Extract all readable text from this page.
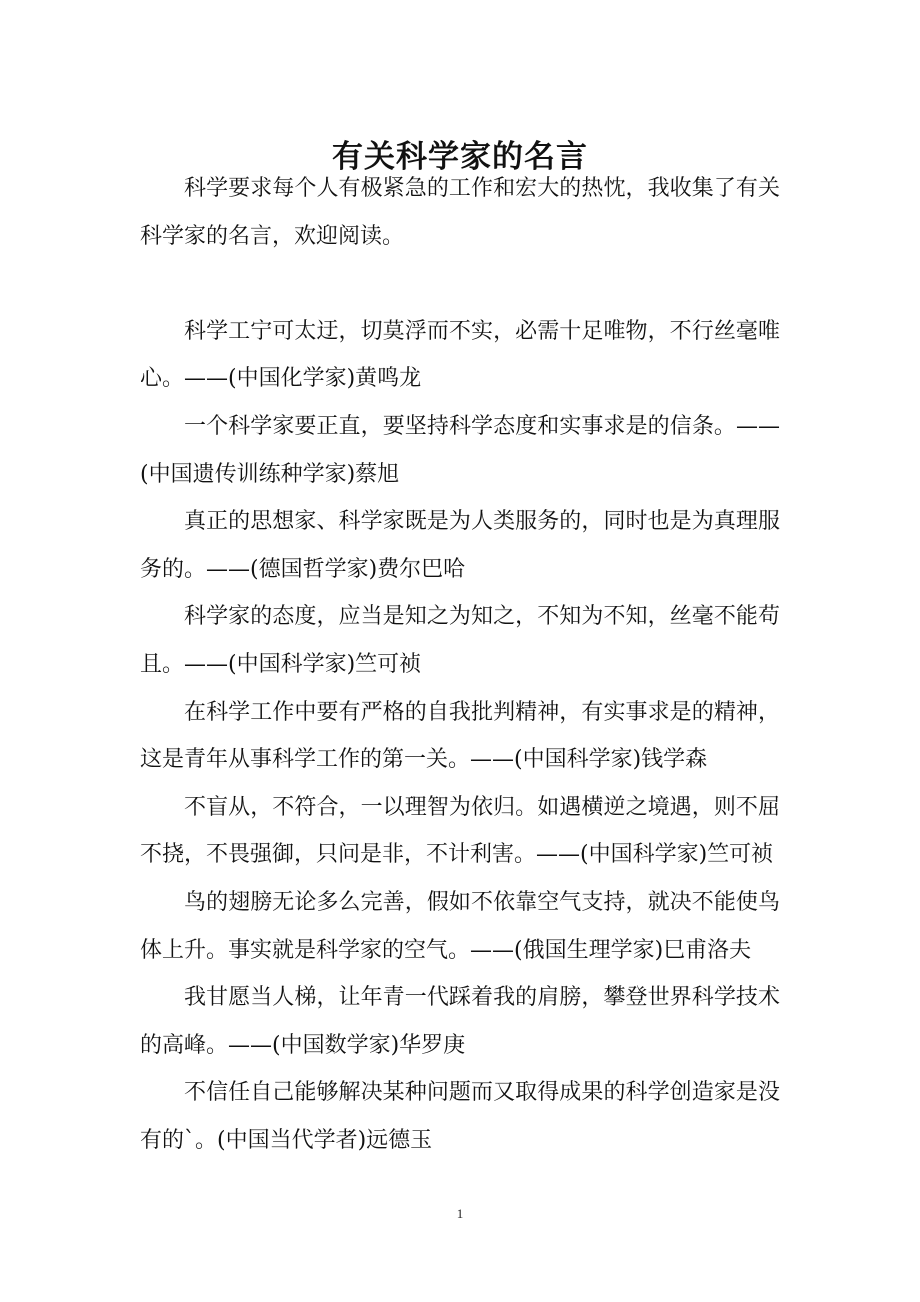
有关科学家的名言

科学要求每个人有极紧急的工作和宏大的热忱，我收集了有关科学家的名言，欢迎阅读。

科学工宁可太迂，切莫浮而不实，必需十足唯物，不行丝毫唯心。——(中国化学家)黄鸣龙

一个科学家要正直，要坚持科学态度和实事求是的信条。——(中国遗传训练种学家)蔡旭

真正的思想家、科学家既是为人类服务的，同时也是为真理服务的。——(德国哲学家)费尔巴哈

科学家的态度，应当是知之为知之，不知为不知，丝毫不能苟且。——(中国科学家)竺可祯

在科学工作中要有严格的自我批判精神，有实事求是的精神，这是青年从事科学工作的第一关。——(中国科学家)钱学森

不盲从，不符合，一以理智为依归。如遇横逆之境遇，则不屈不挠，不畏强御，只问是非，不计利害。——(中国科学家)竺可祯

鸟的翅膀无论多么完善，假如不依靠空气支持，就决不能使鸟体上升。事实就是科学家的空气。——(俄国生理学家)巳甫洛夫

我甘愿当人梯，让年青一代踩着我的肩膀，攀登世界科学技术的高峰。——(中国数学家)华罗庚

不信任自己能够解决某种问题而又取得成果的科学创造家是没有的`。(中国当代学者)远德玉

1
